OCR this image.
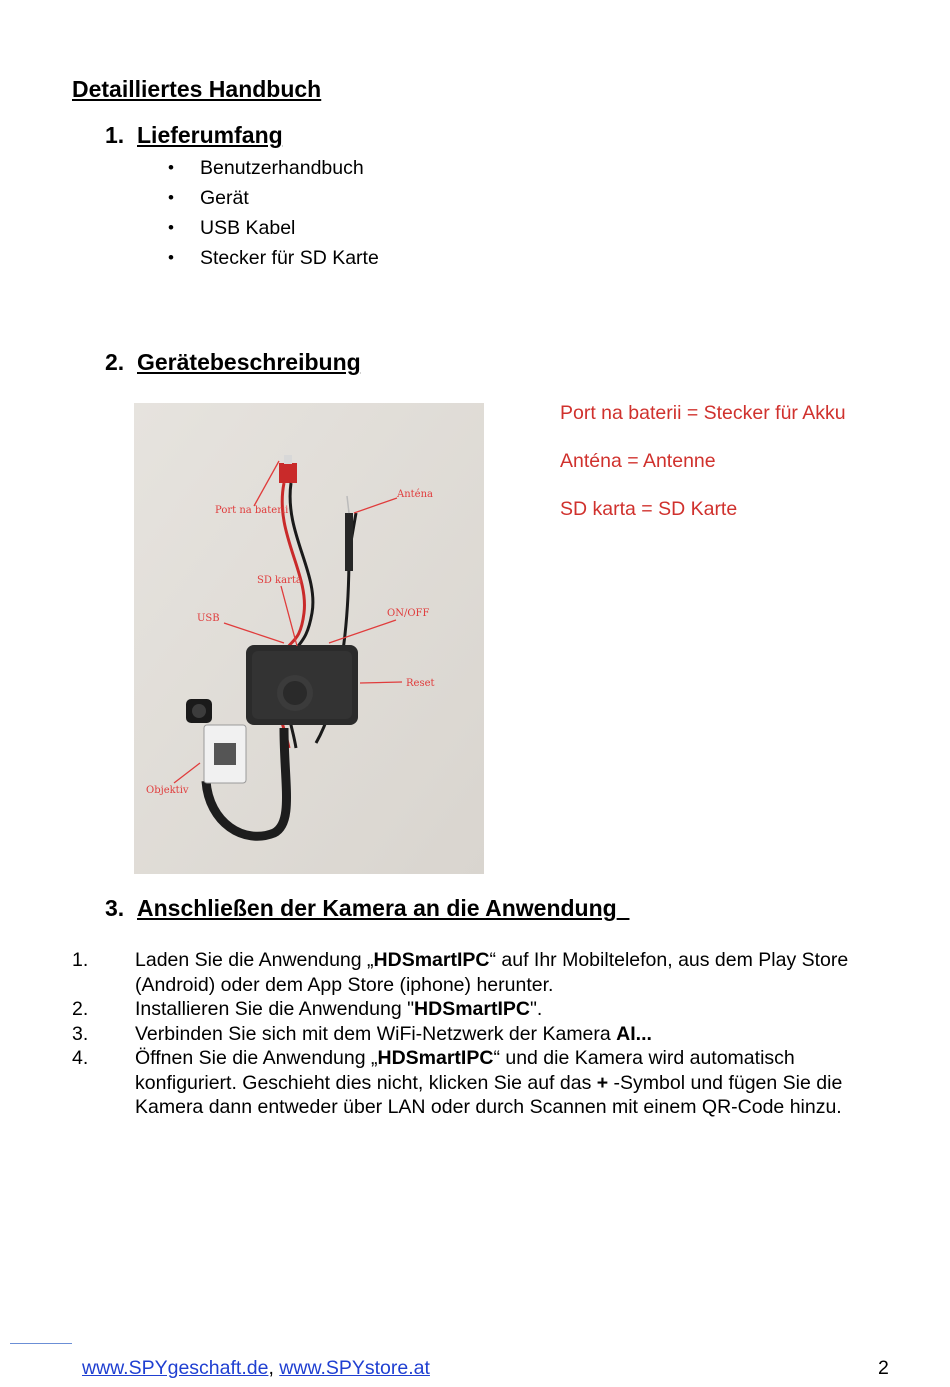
Detailliertes Handbuch
1. Lieferumfang
• Benutzerhandbuch
• Gerät
• USB Kabel
• Stecker für SD Karte
2. Gerätebeschreibung
Port na baterii
Anténa
SD karta
USB	ON/OFF
Reset
Objektiv
Port na baterii = Stecker für Akku
Anténa = Antenne
SD karta = SD Karte
3. Anschließen der Kamera an die Anwendung
1. Laden Sie die Anwendung „HDSmartIPC“ auf Ihr Mobiltelefon, aus dem Play Store (Android) oder dem App Store (iphone) herunter.
2. Installieren Sie die Anwendung "HDSmartIPC".
3. Verbinden Sie sich mit dem WiFi-Netzwerk der Kamera AI...
4. Öffnen Sie die Anwendung „HDSmartIPC“ und die Kamera wird automatisch konfiguriert. Geschieht dies nicht, klicken Sie auf das + -Symbol und fügen Sie die Kamera dann entweder über LAN oder durch Scannen mit einem QR-Code hinzu.
www.SPYgeschaft.de, www.SPYstore.at	2
